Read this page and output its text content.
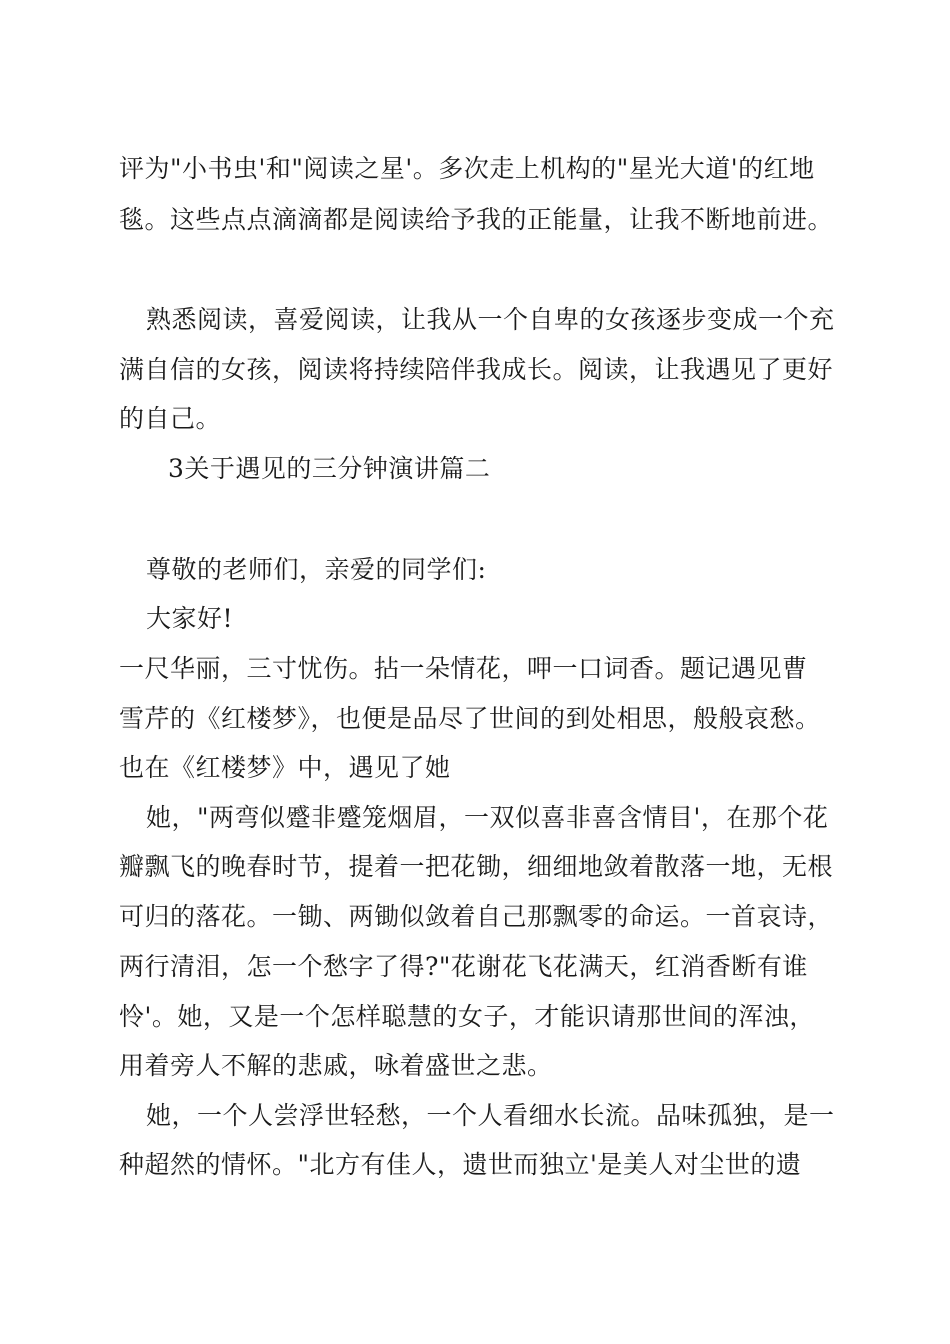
评为"小书虫'和"阅读之星'。多次走上机构的"星光大道'的红地
毯。这些点点滴滴都是阅读给予我的正能量，让我不断地前进。
熟悉阅读，喜爱阅读，让我从一个自卑的女孩逐步变成一个充
满自信的女孩，阅读将持续陪伴我成长。阅读，让我遇见了更好
的自己。
3关于遇见的三分钟演讲篇二
尊敬的老师们，亲爱的同学们:
大家好!
一尺华丽，三寸忧伤。拈一朵情花，呷一口词香。题记遇见曹
雪芹的《红楼梦》，也便是品尽了世间的到处相思，般般哀愁。
也在《红楼梦》中，遇见了她
她，"两弯似蹙非蹙笼烟眉，一双似喜非喜含情目'，在那个花
瓣飘飞的晚春时节，提着一把花锄，细细地敛着散落一地，无根
可归的落花。一锄、两锄似敛着自己那飘零的命运。一首哀诗，
两行清泪，怎一个愁字了得?"花谢花飞花满天，红消香断有谁
怜'。她，又是一个怎样聪慧的女子，才能识请那世间的浑浊，
用着旁人不解的悲戚，咏着盛世之悲。
她，一个人尝浮世轻愁，一个人看细水长流。品味孤独，是一
种超然的情怀。"北方有佳人，遗世而独立'是美人对尘世的遗
